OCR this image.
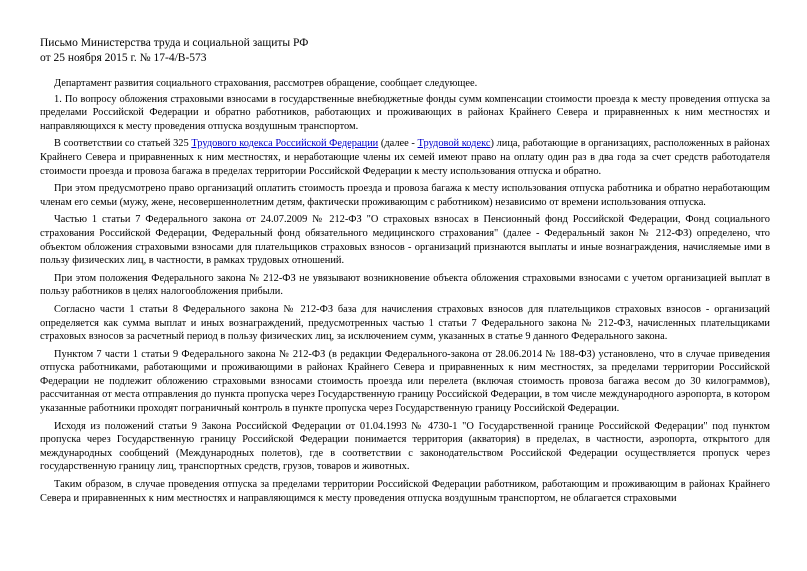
Письмо Министерства труда и социальной защиты РФ
от 25 ноября 2015 г. № 17-4/В-573

Департамент развития социального страхования, рассмотрев обращение, сообщает следующее.

1. По вопросу обложения страховыми взносами в государственные внебюджетные фонды сумм компенсации стоимости проезда к месту проведения отпуска за пределами Российской Федерации и обратно работников, работающих и проживающих в районах Крайнего Севера и приравненных к ним местностях и направляющихся к месту проведения отпуска воздушным транспортом.

В соответствии со статьей 325 Трудового кодекса Российской Федерации (далее - Трудовой кодекс) лица, работающие в организациях, расположенных в районах Крайнего Севера и приравненных к ним местностях, и неработающие члены их семей имеют право на оплату один раз в два года за счет средств работодателя стоимости проезда и провоза багажа в пределах территории Российской Федерации к месту использования отпуска и обратно.

При этом предусмотрено право организаций оплатить стоимость проезда и провоза багажа к месту использования отпуска работника и обратно неработающим членам его семьи (мужу, жене, несовершеннолетним детям, фактически проживающим с работником) независимо от времени использования отпуска.

Частью 1 статьи 7 Федерального закона от 24.07.2009 № 212-ФЗ "О страховых взносах в Пенсионный фонд Российской Федерации, Фонд социального страхования Российской Федерации, Федеральный фонд обязательного медицинского страхования" (далее - Федеральный закон № 212-ФЗ) определено, что объектом обложения страховыми взносами для плательщиков страховых взносов - организаций признаются выплаты и иные вознаграждения, начисляемые ими в пользу физических лиц, в частности, в рамках трудовых отношений.

При этом положения Федерального закона № 212-ФЗ не увязывают возникновение объекта обложения страховыми взносами с учетом организацией выплат в пользу работников в целях налогообложения прибыли.

Согласно части 1 статьи 8 Федерального закона № 212-ФЗ база для начисления страховых взносов для плательщиков страховых взносов - организаций определяется как сумма выплат и иных вознаграждений, предусмотренных частью 1 статьи 7 Федерального закона № 212-ФЗ, начисленных плательщиками страховых взносов за расчетный период в пользу физических лиц, за исключением сумм, указанных в статье 9 данного Федерального закона.

Пунктом 7 части 1 статьи 9 Федерального закона № 212-ФЗ (в редакции Федерального-закона от 28.06.2014 № 188-ФЗ) установлено, что в случае приведения отпуска работниками, работающими и проживающими в районах Крайнего Севера и приравненных к ним местностях, за пределами территории Российской Федерации не подлежит обложению страховыми взносами стоимость проезда или перелета (включая стоимость провоза багажа весом до 30 килограммов), рассчитанная от места отправления до пункта пропуска через Государственную границу Российской Федерации, в том числе международного аэропорта, в котором указанные работники проходят пограничный контроль в пункте пропуска через Государственную границу Российской Федерации.

Исходя из положений статьи 9 Закона Российской Федерации от 01.04.1993 № 4730-1 "О Государственной границе Российской Федерации" под пунктом пропуска через Государственную границу Российской Федерации понимается территория (акватория) в пределах, в частности, аэропорта, открытого для международных сообщений (Международных полетов), где в соответствии с законодательством Российской Федерации осуществляется пропуск через государственную границу лиц, транспортных средств, грузов, товаров и животных.

Таким образом, в случае проведения отпуска за пределами территории Российской Федерации работником, работающим и проживающим в районах Крайнего Севера и приравненных к ним местностях и направляющимся к месту проведения отпуска воздушным транспортом, не облагается страховыми
